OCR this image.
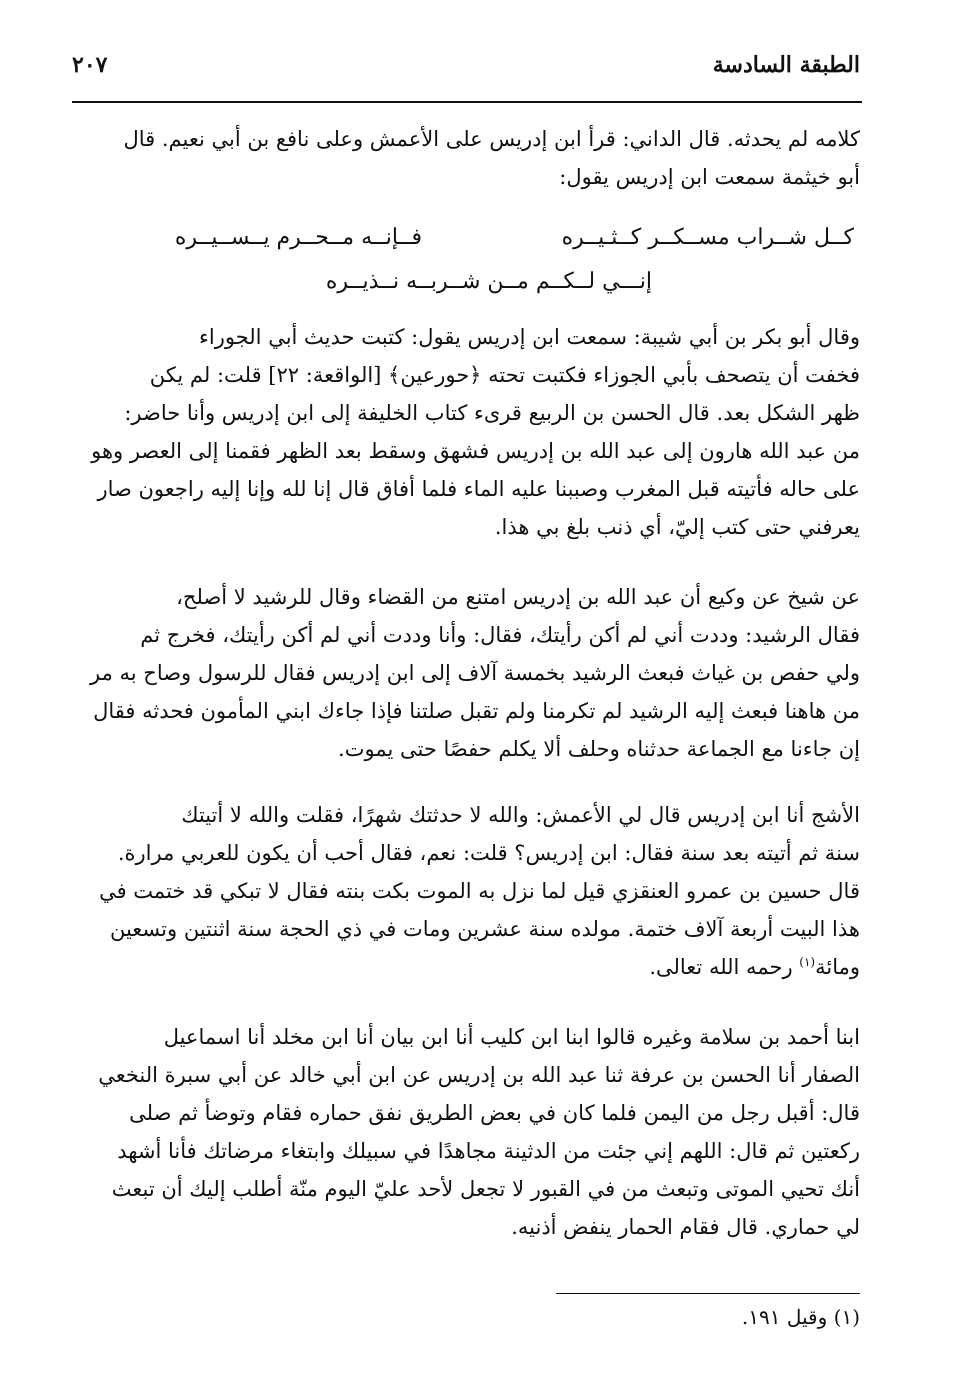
الطبقة السادسة
٢٠٧
كلامه لم يحدثه. قال الداني: قرأ ابن إدريس على الأعمش وعلى نافع بن أبي نعيم. قال
أبو خيثمة سمعت ابن إدريس يقول:
كــل شــراب مســكــر كــثـيــره
فــإنــه مــحــرم يــســيــره
إنـــي لــكــم مــن شــربــه نــذيــره
وقال أبو بكر بن أبي شيبة: سمعت ابن إدريس يقول: كتبت حديث أبي الجوراء
فخفت أن يتصحف بأبي الجوزاء فكتبت تحته ﴿حورعين﴾ [الواقعة: ٢٢] قلت: لم يكن
ظهر الشكل بعد. قال الحسن بن الربيع قرىء كتاب الخليفة إلى ابن إدريس وأنا حاضر:
من عبد الله هارون إلى عبد الله بن إدريس فشهق وسقط بعد الظهر فقمنا إلى العصر وهو
على حاله فأتيته قبل المغرب وصببنا عليه الماء فلما أفاق قال إنا لله وإنا إليه راجعون صار
يعرفني حتى كتب إليّ، أي ذنب بلغ بي هذا.
عن شيخ عن وكيع أن عبد الله بن إدريس امتنع من القضاء وقال للرشيد لا أصلح،
فقال الرشيد: وددت أني لم أكن رأيتك، فقال: وأنا وددت أني لم أكن رأيتك، فخرج ثم
ولي حفص بن غياث فبعث الرشيد بخمسة آلاف إلى ابن إدريس فقال للرسول وصاح به مر
من هاهنا فبعث إليه الرشيد لم تكرمنا ولم تقبل صلتنا فإذا جاءك ابني المأمون فحدثه فقال
إن جاءنا مع الجماعة حدثناه وحلف ألا يكلم حفصًا حتى يموت.
الأشج أنا ابن إدريس قال لي الأعمش: والله لا حدثتك شهرًا، فقلت والله لا أتيتك
سنة ثم أتيته بعد سنة فقال: ابن إدريس؟ قلت: نعم، فقال أحب أن يكون للعربي مرارة.
قال حسين بن عمرو العنقزي قيل لما نزل به الموت بكت بنته فقال لا تبكي قد ختمت في
هذا البيت أربعة آلاف ختمة. مولده سنة عشرين ومات في ذي الحجة سنة اثنتين وتسعين
ومائة$^{(١)}$ رحمه الله تعالى.
ابنا أحمد بن سلامة وغيره قالوا ابنا ابن كليب أنا ابن بيان أنا ابن مخلد أنا اسماعيل
الصفار أنا الحسن بن عرفة ثنا عبد الله بن إدريس عن ابن أبي خالد عن أبي سبرة النخعي
قال: أقبل رجل من اليمن فلما كان في بعض الطريق نفق حماره فقام وتوضأ ثم صلى
ركعتين ثم قال: اللهم إني جئت من الدثينة مجاهدًا في سبيلك وابتغاء مرضاتك فأنا أشهد
أنك تحيي الموتى وتبعث من في القبور لا تجعل لأحد عليّ اليوم منّة أطلب إليك أن تبعث
لي حماري. قال فقام الحمار ينفض أذنيه.
(١) وقيل ١٩١.
